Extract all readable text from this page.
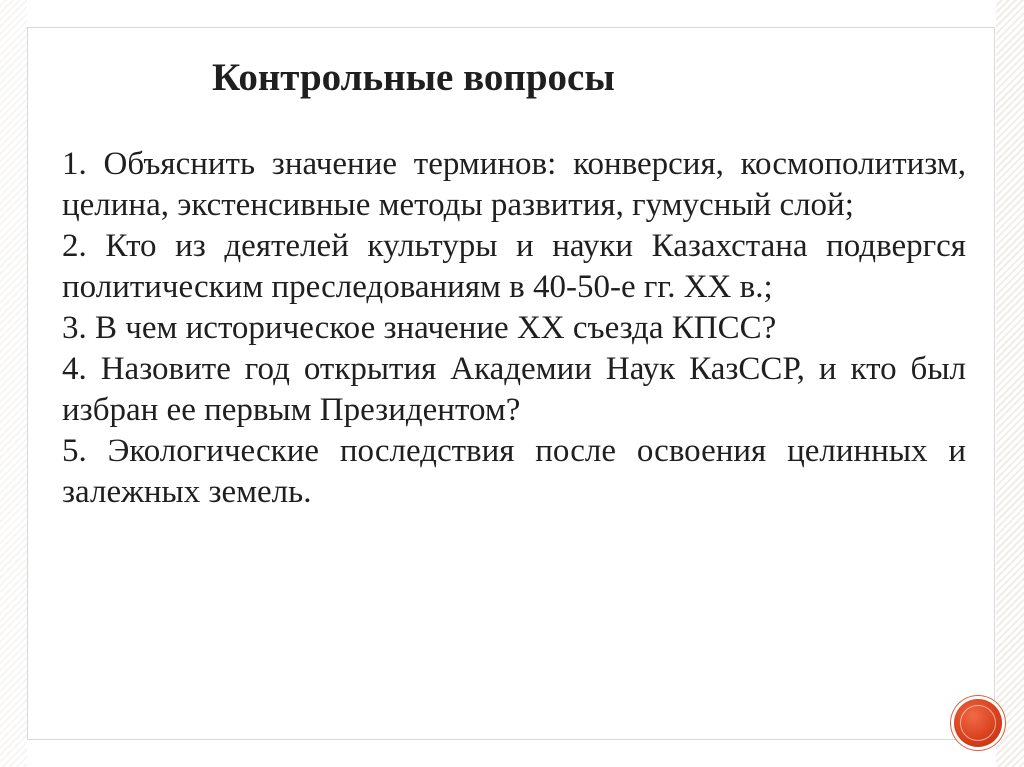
Контрольные вопросы
1. Объяснить значение терминов: конверсия, космополитизм, целина, экстенсивные методы развития, гумусный слой;
2. Кто из деятелей культуры и науки Казахстана подвергся политическим преследованиям в 40-50-е гг. XX в.;
3. В чем историческое значение XX съезда КПСС?
4. Назовите год открытия Академии Наук КазССР, и кто был избран ее первым Президентом?
5. Экологические последствия после освоения целинных и залежных земель.
